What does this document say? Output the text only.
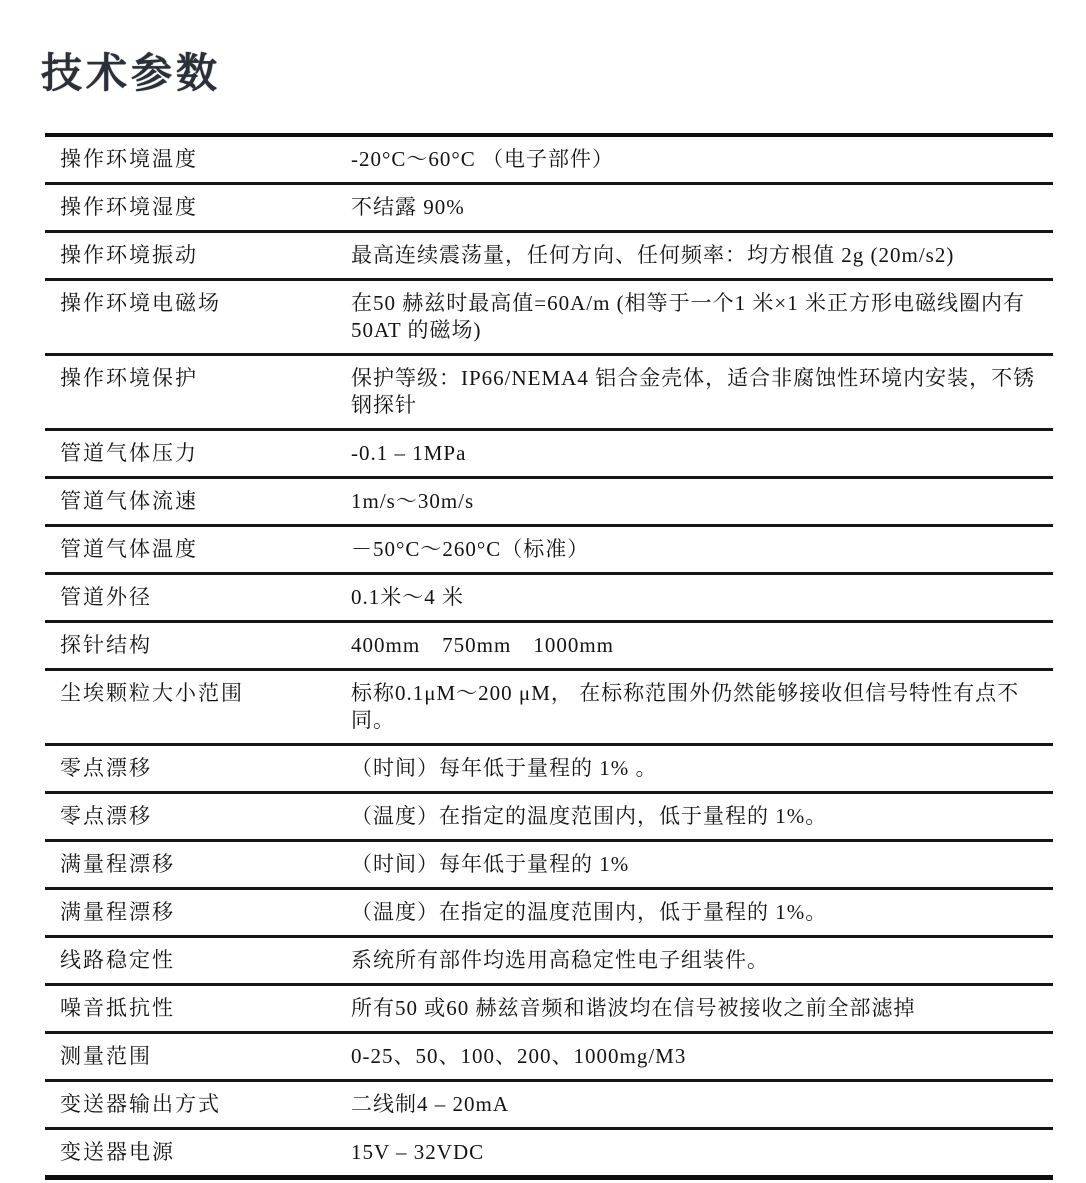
技术参数
操作环境温度	-20°C～60°C （电子部件）
操作环境湿度	不结露 90%
操作环境振动	最高连续震荡量，任何方向、任何频率：均方根值 2g (20m/s2)
操作环境电磁场	在50 赫兹时最高值=60A/m (相等于一个1 米×1 米正方形电磁线圈内有50AT 的磁场)
操作环境保护	保护等级：IP66/NEMA4 铝合金壳体，适合非腐蚀性环境内安装，不锈钢探针
管道气体压力	-0.1 – 1MPa
管道气体流速	1m/s～30m/s
管道气体温度	－50°C～260°C（标准）
管道外径	0.1米～4 米
探针结构	400mm　750mm　1000mm
尘埃颗粒大小范围	标称0.1μM～200 μM， 在标称范围外仍然能够接收但信号特性有点不同。
零点漂移	（时间）每年低于量程的 1% 。
零点漂移	（温度）在指定的温度范围内，低于量程的 1%。
满量程漂移	（时间）每年低于量程的 1%
满量程漂移	（温度）在指定的温度范围内，低于量程的 1%。
线路稳定性	系统所有部件均选用高稳定性电子组装件。
噪音抵抗性	所有50 或60 赫兹音频和谐波均在信号被接收之前全部滤掉
测量范围	0-25、50、100、200、1000mg/M3
变送器输出方式	二线制4 – 20mA
变送器电源	15V – 32VDC
